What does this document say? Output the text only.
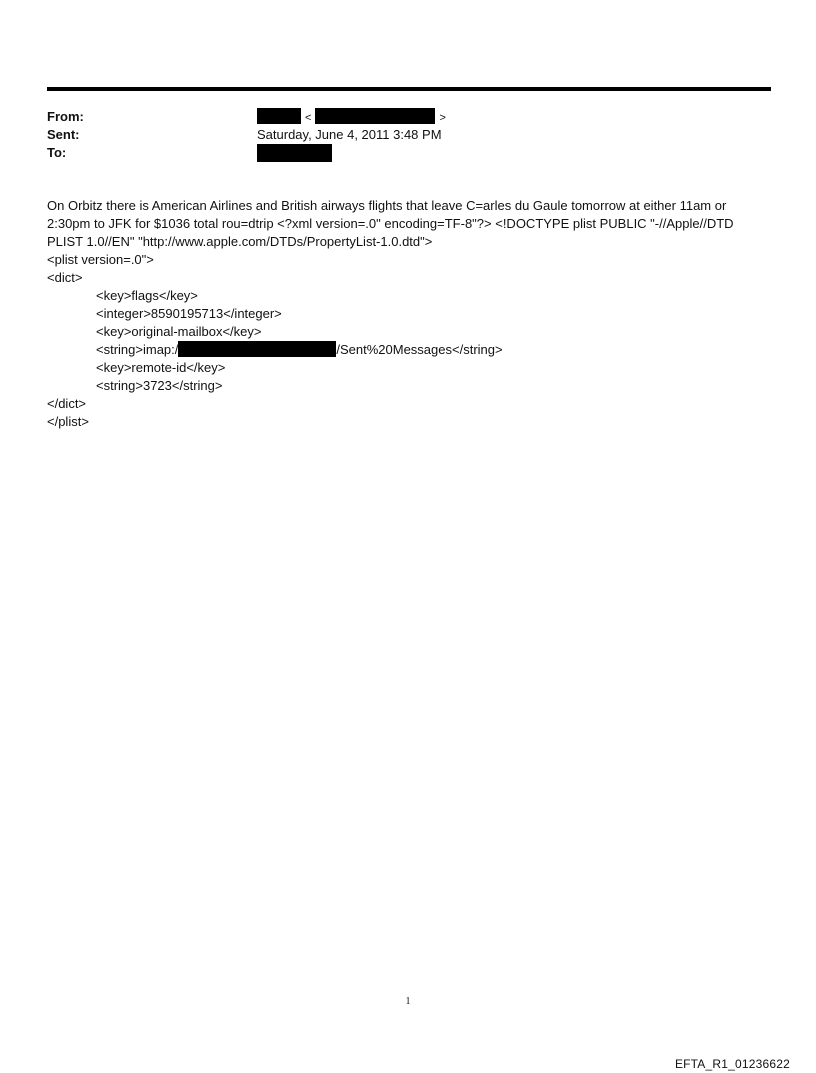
From:	<	>
Sent:	Saturday, June 4, 2011 3:48 PM
To:

On Orbitz there is American Airlines and British airways flights that leave C=arles du Gaule tomorrow at either 11am or
2:30pm to JFK for $1036 total rou=dtrip <?xml version=.0" encoding=TF-8"?> <!DOCTYPE plist PUBLIC "-//Apple//DTD
PLIST 1.0//EN" "http://www.apple.com/DTDs/PropertyList-1.0.dtd">

<plist version=.0">
<dict>
<key>flags</key>
<integer>8590195713</integer>
<key>original-mailbox</key>
<string>imap:/	/Sent%20Messages</string>
<key>remote-id</key>
<string>3723</string>
</dict>
</plist>
1
EFTA_R1_01236622
